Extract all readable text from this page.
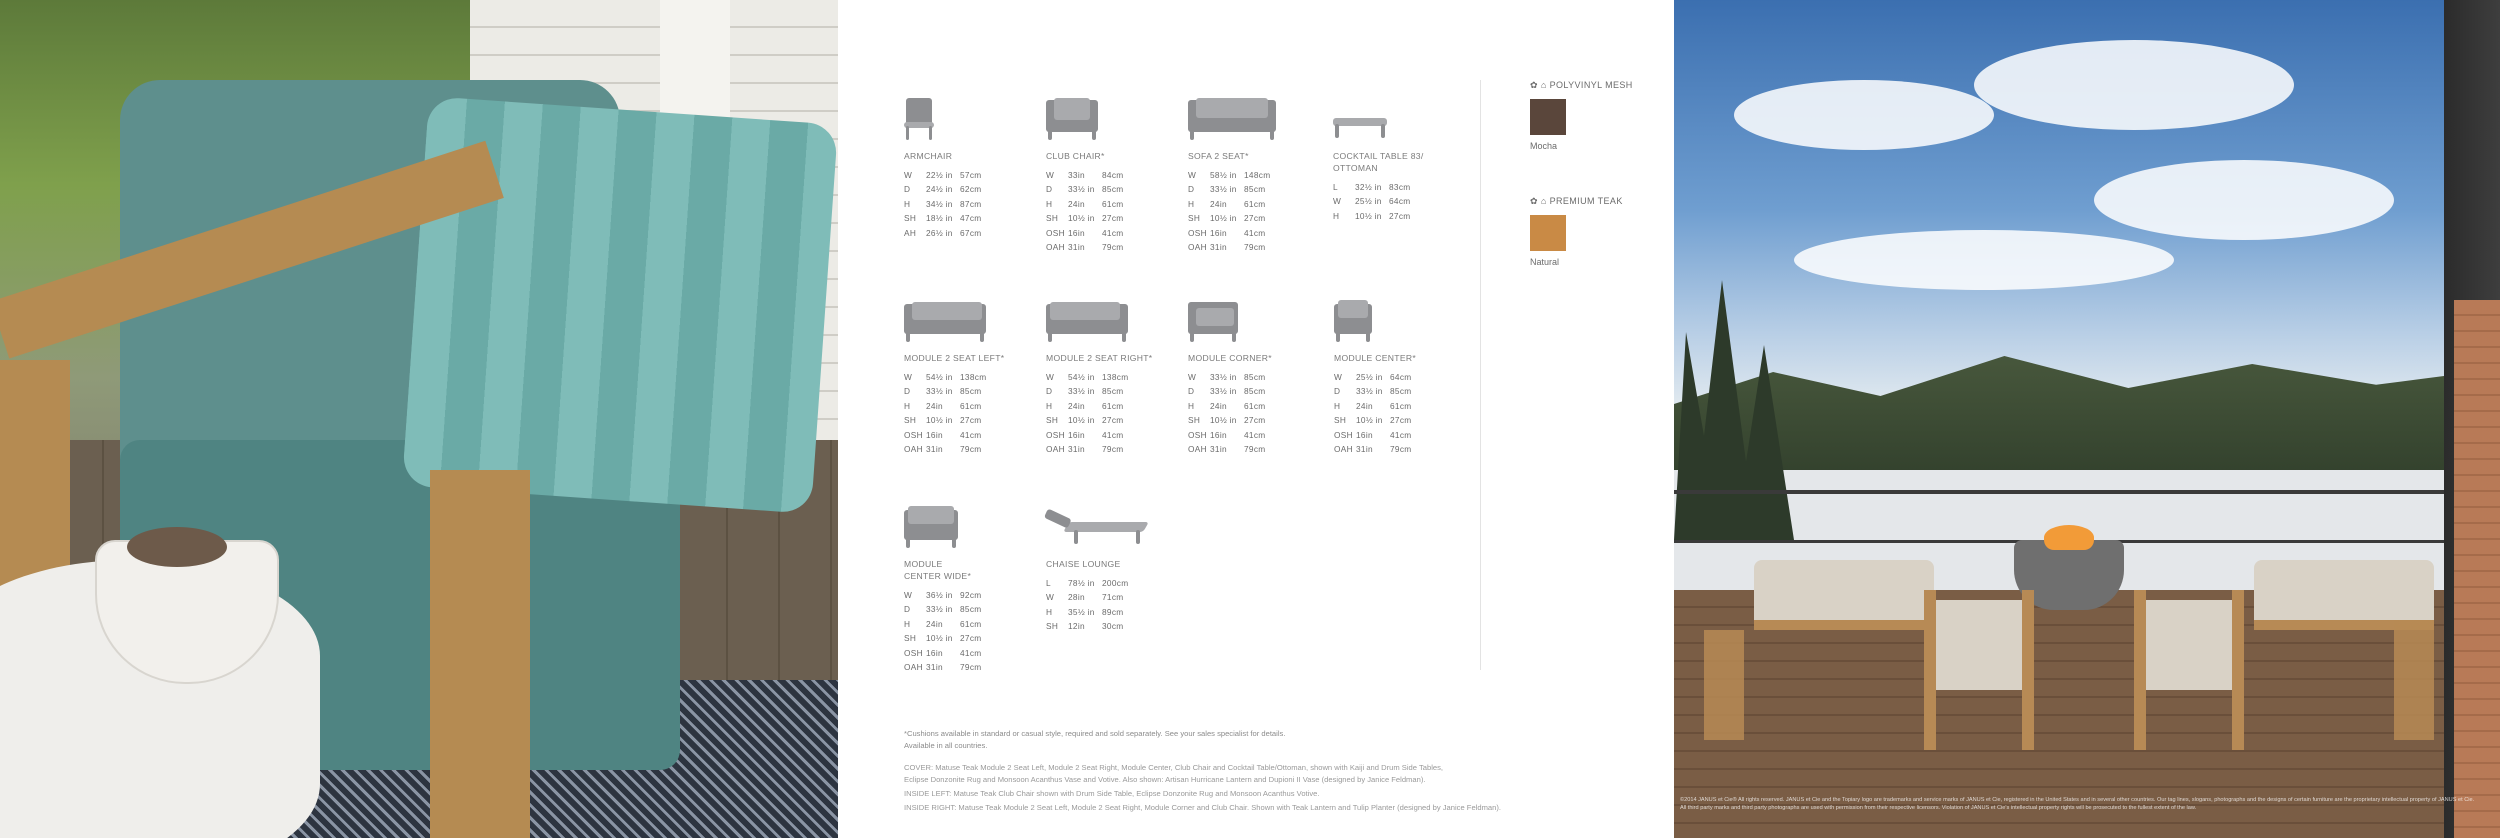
ARMCHAIR
W	22½ in	57cm
D	24½ in	62cm
H	34½ in	87cm
SH	18½ in	47cm
AH	26½ in	67cm
CLUB CHAIR*
W	33in	84cm
D	33½ in	85cm
H	24in	61cm
SH	10½ in	27cm
OSH	16in	41cm
OAH	31in	79cm
SOFA 2 SEAT*
W	58½ in	148cm
D	33½ in	85cm
H	24in	61cm
SH	10½ in	27cm
OSH	16in	41cm
OAH	31in	79cm
COCKTAIL TABLE 83/
OTTOMAN
L	32½ in	83cm
W	25½ in	64cm
H	10½ in	27cm
MODULE 2 SEAT LEFT*
W	54½ in	138cm
D	33½ in	85cm
H	24in	61cm
SH	10½ in	27cm
OSH	16in	41cm
OAH	31in	79cm
MODULE 2 SEAT RIGHT*
W	54½ in	138cm
D	33½ in	85cm
H	24in	61cm
SH	10½ in	27cm
OSH	16in	41cm
OAH	31in	79cm
MODULE CORNER*
W	33½ in	85cm
D	33½ in	85cm
H	24in	61cm
SH	10½ in	27cm
OSH	16in	41cm
OAH	31in	79cm
MODULE CENTER*
W	25½ in	64cm
D	33½ in	85cm
H	24in	61cm
SH	10½ in	27cm
OSH	16in	41cm
OAH	31in	79cm
MODULE
CENTER WIDE*
W	36½ in	92cm
D	33½ in	85cm
H	24in	61cm
SH	10½ in	27cm
OSH	16in	41cm
OAH	31in	79cm
CHAISE LOUNGE
L	78½ in	200cm
W	28in	71cm
H	35½ in	89cm
SH	12in	30cm
✿ ⌂ POLYVINYL MESH
Mocha
✿ ⌂ PREMIUM TEAK
Natural
*Cushions available in standard or casual style, required and sold separately. See your sales specialist for details.
Available in all countries.
COVER: Matuse Teak Module 2 Seat Left, Module 2 Seat Right, Module Center, Club Chair and Cocktail Table/Ottoman, shown with Kaiji and Drum Side Tables,
Eclipse Donzonite Rug and Monsoon Acanthus Vase and Votive. Also shown: Artisan Hurricane Lantern and Dupioni II Vase (designed by Janice Feldman).
INSIDE LEFT: Matuse Teak Club Chair shown with Drum Side Table, Eclipse Donzonite Rug and Monsoon Acanthus Votive.
INSIDE RIGHT: Matuse Teak Module 2 Seat Left, Module 2 Seat Right, Module Corner and Club Chair. Shown with Teak Lantern and Tulip Planter (designed by Janice Feldman).
©2014 JANUS et Cie® All rights reserved. JANUS et Cie and the Topiary logo are trademarks and service marks of JANUS et Cie, registered in the United States and in several other countries. Our tag lines, slogans, photographs and the designs of certain furniture are the proprietary intellectual property of JANUS et Cie. All third party marks and third party photographs are used with permission from their respective licensors. Violation of JANUS et Cie's intellectual property rights will be prosecuted to the fullest extent of the law.
